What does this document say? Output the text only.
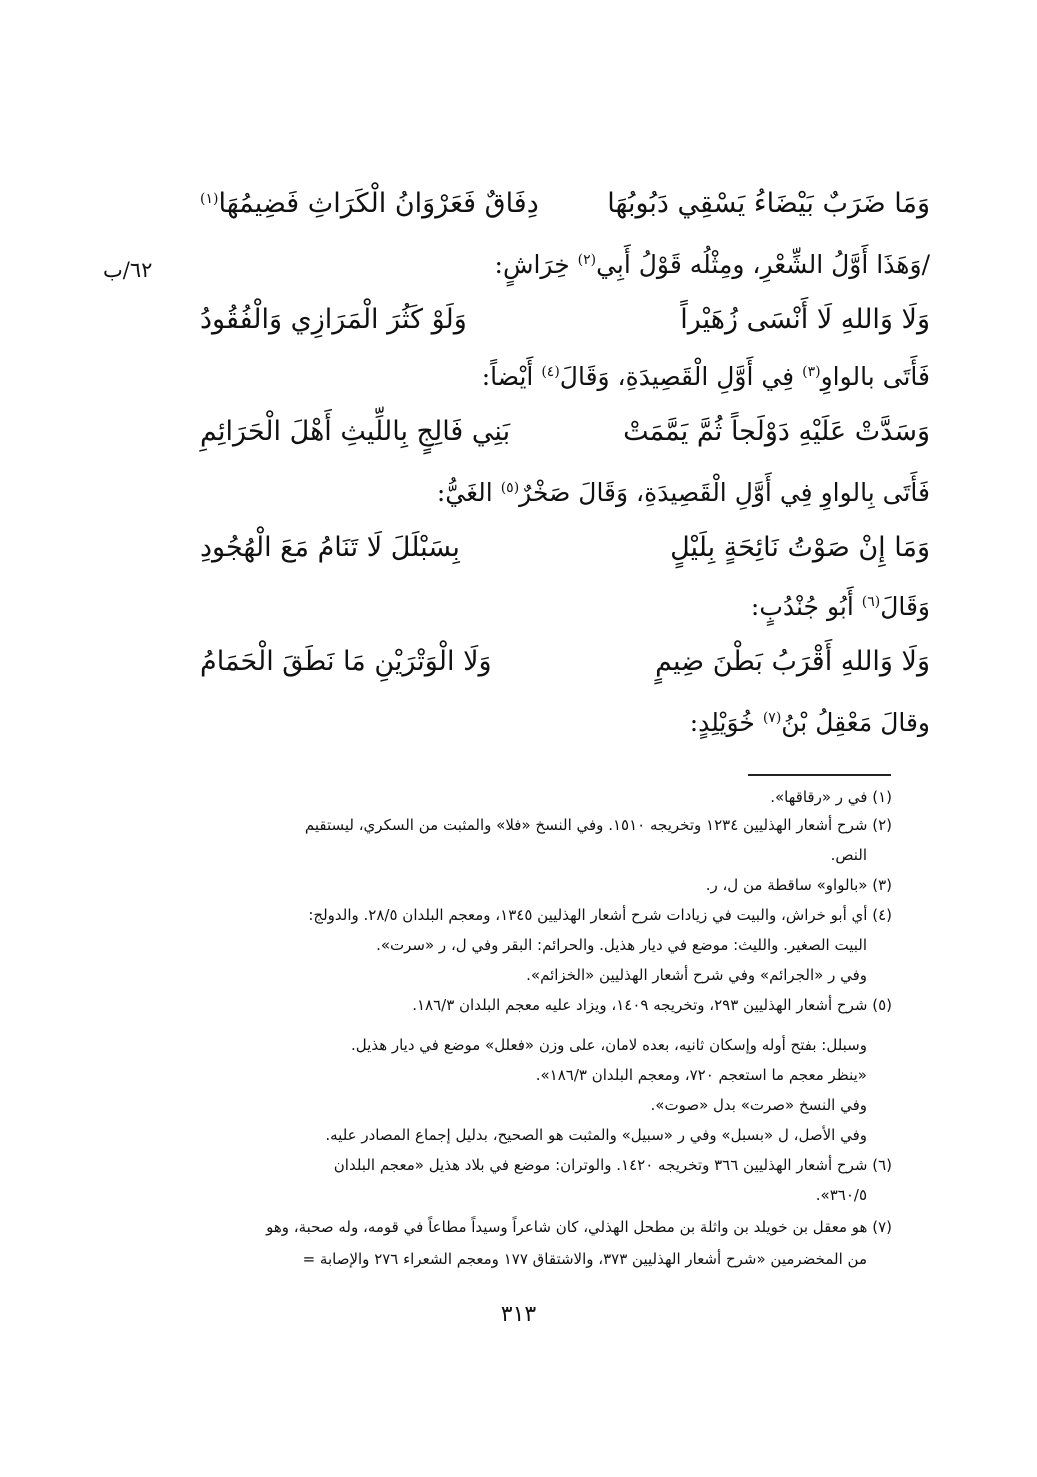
٦٢/ب
وَمَا ضَرَبٌ بَيْضَاءُ يَسْقِي دَبُوبُهَا
دِفَاقٌ فَعَرْوَانُ الْكَرَاثِ فَضِيمُهَا$^{(١)}$
/وَهَذَا أَوَّلُ الشِّعْرِ، ومِثْلُه قَوْلُ أَبِي$^{(٢)}$ خِرَاشٍ:
وَلَا وَاللهِ لَا أَنْسَى زُهَيْراً
وَلَوْ كَثُرَ الْمَرَازِي وَالْفُقُودُ
فَأَتَى بالواوِ$^{(٣)}$ فِي أَوَّلِ الْقَصِيدَةِ، وَقَالَ$^{(٤)}$ أَيْضاً:
وَسَدَّتْ عَلَيْهِ دَوْلَجاً ثُمَّ يَمَّمَتْ
بَنِي فَالِجٍ بِاللِّيثِ أَهْلَ الْحَرَائِمِ
فَأَتَى بِالواوِ فِي أَوَّلِ الْقَصِيدَةِ، وَقَالَ صَخْرٌ$^{(٥)}$ الغَيُّ:
وَمَا إِنْ صَوْتُ نَائِحَةٍ بِلَيْلٍ
بِسَبْلَلَ لَا تَنَامُ مَعَ الْهُجُودِ
وَقَالَ$^{(٦)}$ أَبُو جُنْدُبٍ:
وَلَا وَاللهِ أَقْرَبُ بَطْنَ ضِيمٍ
وَلَا الْوَتْرَيْنِ مَا نَطَقَ الْحَمَامُ
وقالَ مَعْقِلُ بْنُ$^{(٧)}$ خُوَيْلِدٍ:
(١) في ر «رقاقها».
(٢) شرح أشعار الهذليين ١٢٣٤ وتخريجه ١٥١٠. وفي النسخ «فلا» والمثبت من السكري، ليستقيم
النص.
(٣) «بالواو» ساقطة من ل، ر.
(٤) أي أبو خراش، والبيت في زيادات شرح أشعار الهذليين ١٣٤٥، ومعجم البلدان ٢٨/٥. والدولج:
البيت الصغير. والليث: موضع في ديار هذيل. والحرائم: البقر وفي ل، ر «سرت».
وفي ر «الجرائم» وفي شرح أشعار الهذليين «الخزائم».
(٥) شرح أشعار الهذليين ٢٩٣، وتخريجه ١٤٠٩، ويزاد عليه معجم البلدان ١٨٦/٣.
وسبلل: بفتح أوله وإسكان ثانيه، بعده لامان، على وزن «فعلل» موضع في ديار هذيل.
«ينظر معجم ما استعجم ٧٢٠، ومعجم البلدان ١٨٦/٣».
وفي النسخ «صرت» بدل «صوت».
وفي الأصل، ل «بسبل» وفي ر «سبيل» والمثبت هو الصحيح، بدليل إجماع المصادر عليه.
(٦) شرح أشعار الهذليين ٣٦٦ وتخريجه ١٤٢٠. والوتران: موضع في بلاد هذيل «معجم البلدان
٣٦٠/٥».
(٧) هو معقل بن خويلد بن واثلة بن مطحل الهذلي، كان شاعراً وسيداً مطاعاً في قومه، وله صحبة، وهو
من المخضرمين «شرح أشعار الهذليين ٣٧٣، والاشتقاق ١٧٧ ومعجم الشعراء ٢٧٦ والإصابة =
٣١٣
